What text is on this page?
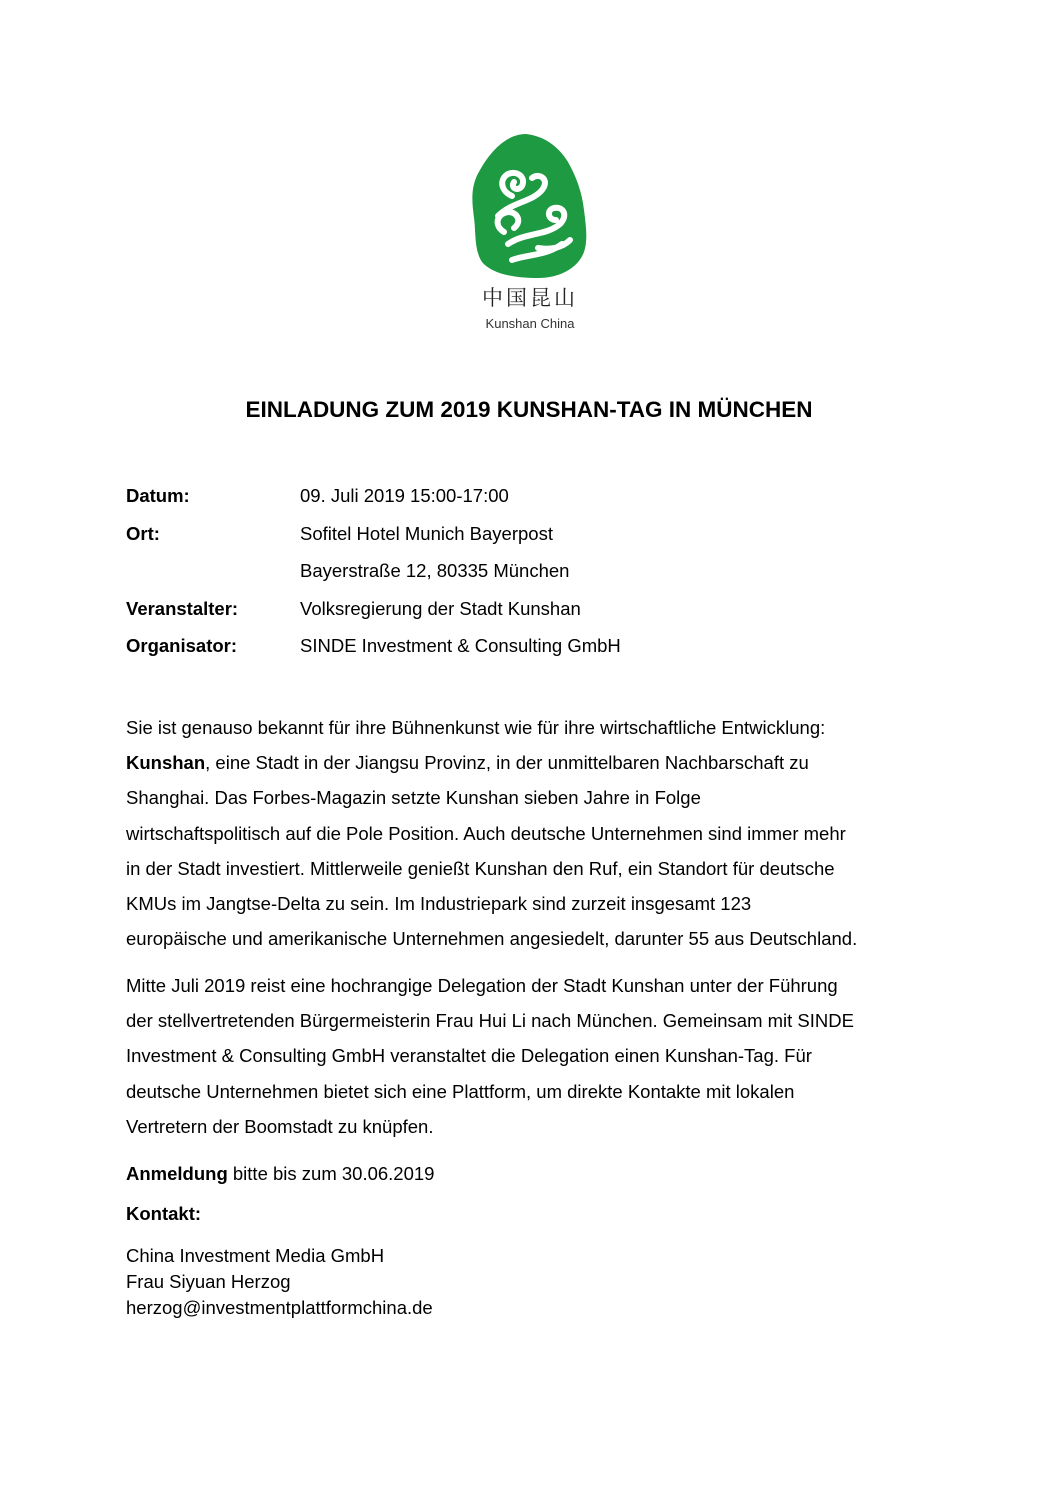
中国昆山
Kunshan China
EINLADUNG ZUM 2019 KUNSHAN-TAG IN MÜNCHEN
Datum:	09. Juli 2019 15:00-17:00
Ort:	Sofitel Hotel Munich Bayerpost
Bayerstraße 12, 80335 München
Veranstalter:	Volksregierung der Stadt Kunshan
Organisator:	SINDE Investment & Consulting GmbH
Sie ist genauso bekannt für ihre Bühnenkunst wie für ihre wirtschaftliche Entwicklung:
Kunshan, eine Stadt in der Jiangsu Provinz, in der unmittelbaren Nachbarschaft zu
Shanghai. Das Forbes-Magazin setzte Kunshan sieben Jahre in Folge
wirtschaftspolitisch auf die Pole Position. Auch deutsche Unternehmen sind immer mehr
in der Stadt investiert. Mittlerweile genießt Kunshan den Ruf, ein Standort für deutsche
KMUs im Jangtse-Delta zu sein. Im Industriepark sind zurzeit insgesamt 123
europäische und amerikanische Unternehmen angesiedelt, darunter 55 aus Deutschland.
Mitte Juli 2019 reist eine hochrangige Delegation der Stadt Kunshan unter der Führung
der stellvertretenden Bürgermeisterin Frau Hui Li nach München. Gemeinsam mit SINDE
Investment & Consulting GmbH veranstaltet die Delegation einen Kunshan-Tag. Für
deutsche Unternehmen bietet sich eine Plattform, um direkte Kontakte mit lokalen
Vertretern der Boomstadt zu knüpfen.
Anmeldung bitte bis zum 30.06.2019
Kontakt:
China Investment Media GmbH
Frau Siyuan Herzog
herzog@investmentplattformchina.de
